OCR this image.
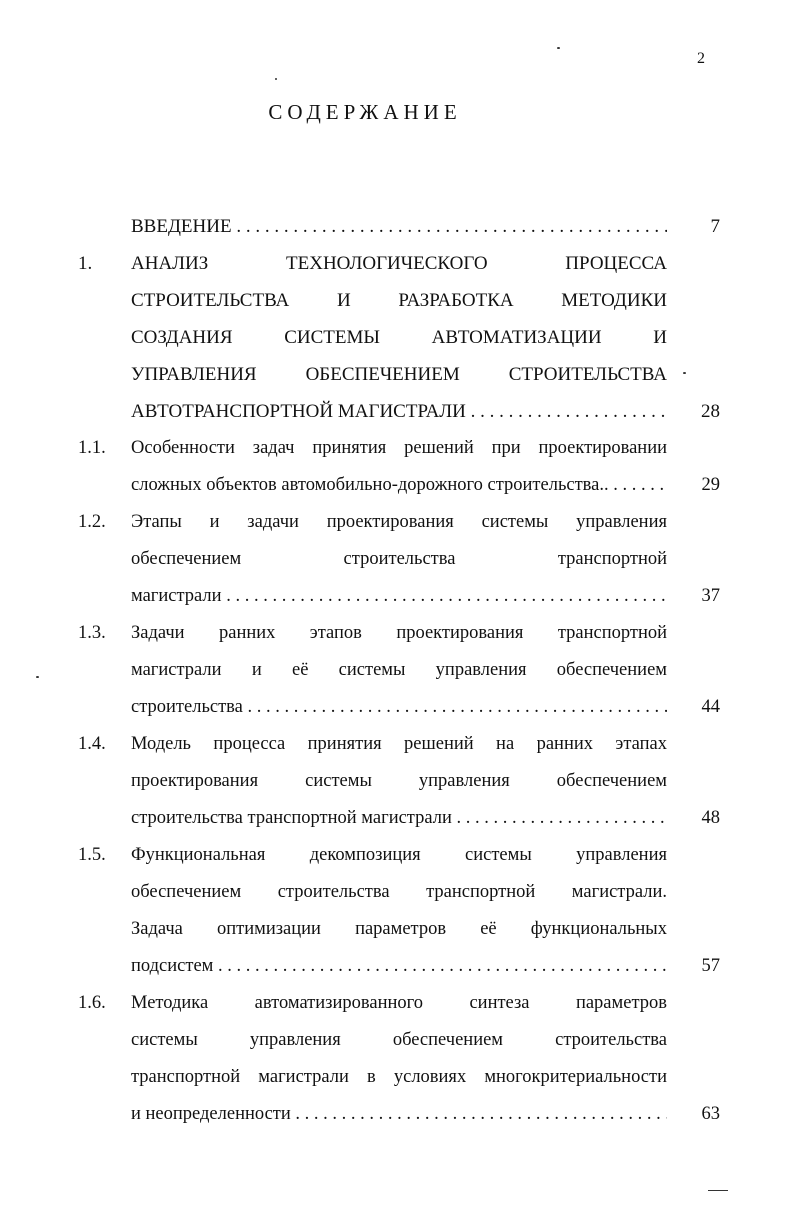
2
СОДЕРЖАНИЕ
ВВЕДЕНИЕ . . .	7
1.	АНАЛИЗ ТЕХНОЛОГИЧЕСКОГО ПРОЦЕССА
СТРОИТЕЛЬСТВА И РАЗРАБОТКА МЕТОДИКИ
СОЗДАНИЯ СИСТЕМЫ АВТОМАТИЗАЦИИ И
УПРАВЛЕНИЯ ОБЕСПЕЧЕНИЕМ СТРОИТЕЛЬСТВА
АВТОТРАНСПОРТНОЙ МАГИСТРАЛИ . . .	28
1.1.	Особенности задач принятия решений при проектировании
сложных объектов автомобильно-дорожного строительства.. . . .	29
1.2.	Этапы и задачи проектирования системы управления
обеспечением строительства транспортной
магистрали . . .	37
1.3.	Задачи ранних этапов проектирования транспортной
магистрали и её системы управления обеспечением
строительства . . .	44
1.4.	Модель процесса принятия решений на ранних этапах
проектирования системы управления обеспечением
строительства транспортной магистрали . . .	48
1.5.	Функциональная декомпозиция системы управления
обеспечением строительства транспортной магистрали.
Задача оптимизации параметров её функциональных
подсистем . . .	57
1.6.	Методика автоматизированного синтеза параметров
системы управления обеспечением строительства
транспортной магистрали в условиях многокритериальности
и неопределенности . . .	63
